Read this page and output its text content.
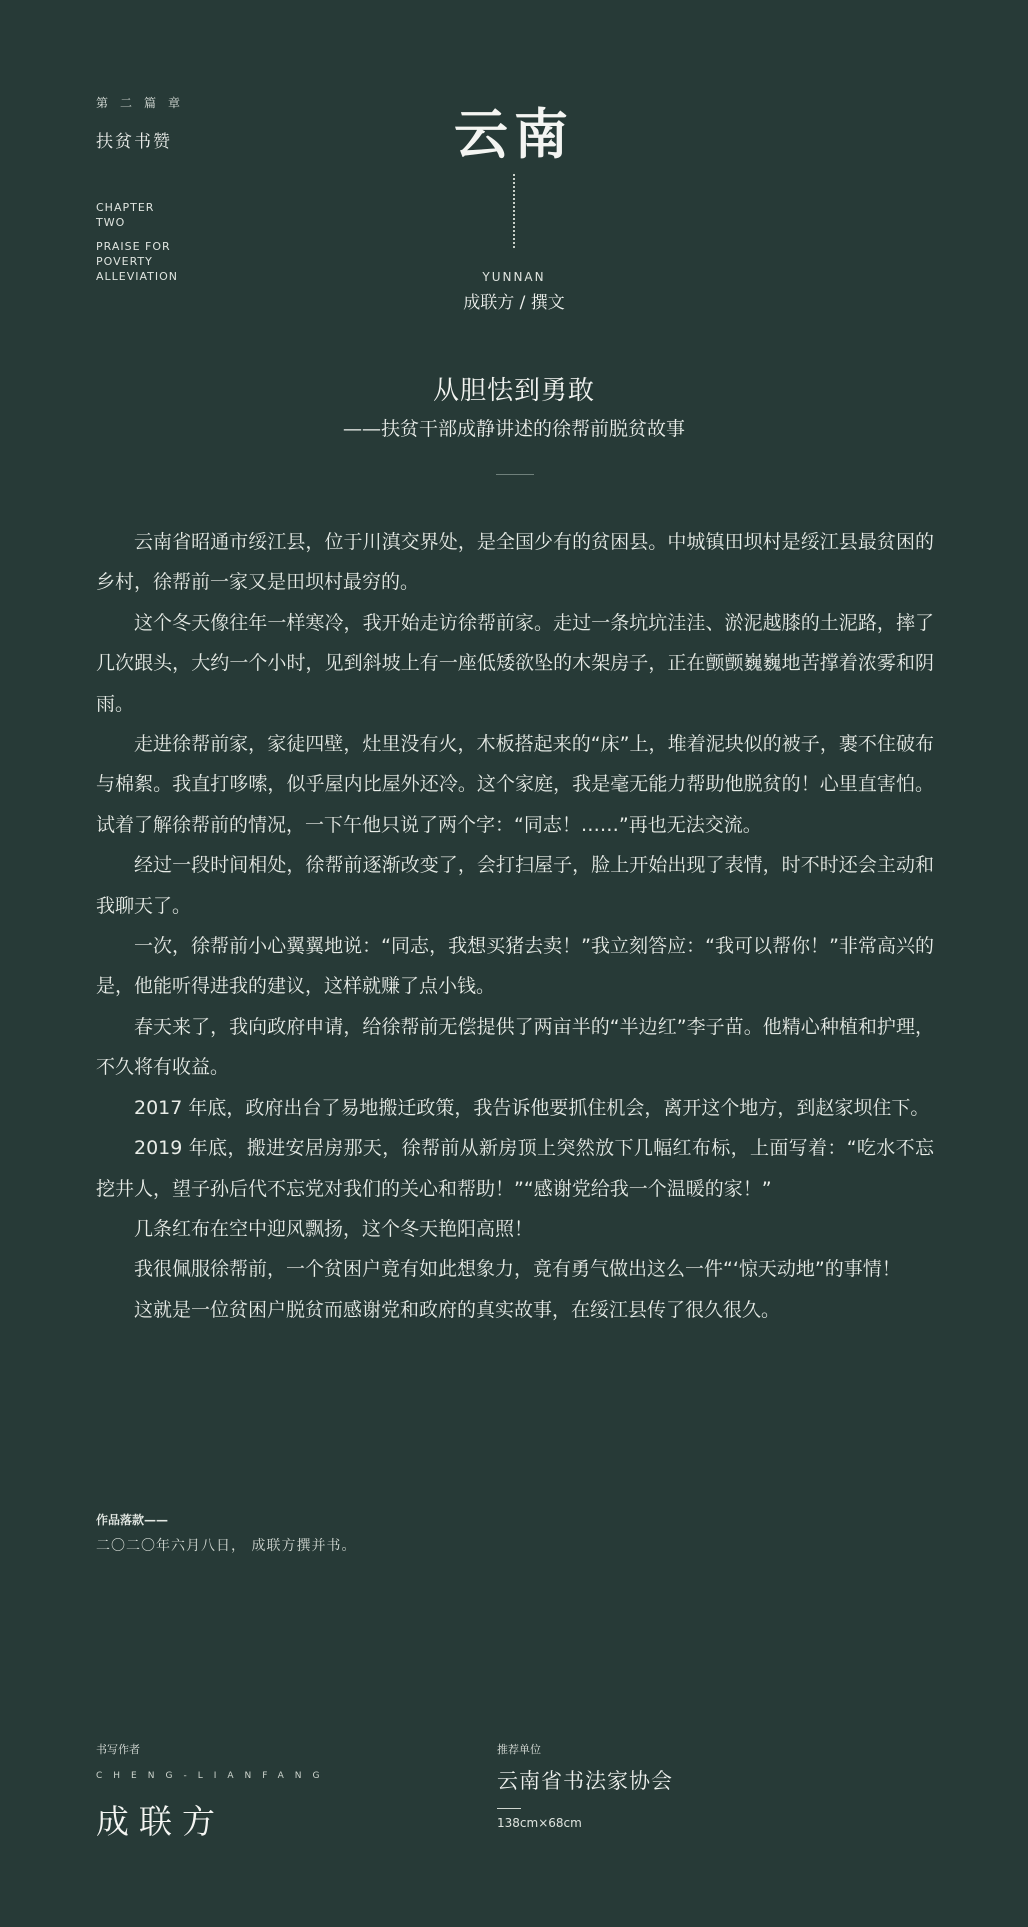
第二篇章
扶贫书赞
CHAPTER
TWO
PRAISE FOR
POVERTY
ALLEVIATION
云南
YUNNAN
成联方 / 撰文
从胆怯到勇敢
——扶贫干部成静讲述的徐帮前脱贫故事

云南省昭通市绥江县，位于川滇交界处，是全国少有的贫困县。中城镇田坝村是绥江县最贫困的乡村，徐帮前一家又是田坝村最穷的。

这个冬天像往年一样寒冷，我开始走访徐帮前家。走过一条坑坑洼洼、淤泥越膝的土泥路，摔了几次跟头，大约一个小时，见到斜坡上有一座低矮欲坠的木架房子，正在颤颤巍巍地苦撑着浓雾和阴雨。

走进徐帮前家，家徒四壁，灶里没有火，木板搭起来的“床”上，堆着泥块似的被子，裹不住破布与棉絮。我直打哆嗦，似乎屋内比屋外还冷。这个家庭，我是毫无能力帮助他脱贫的！心里直害怕。试着了解徐帮前的情况，一下午他只说了两个字：“同志！……”再也无法交流。

经过一段时间相处，徐帮前逐渐改变了，会打扫屋子，脸上开始出现了表情，时不时还会主动和我聊天了。

一次，徐帮前小心翼翼地说：“同志，我想买猪去卖！”我立刻答应：“我可以帮你！”非常高兴的是，他能听得进我的建议，这样就赚了点小钱。

春天来了，我向政府申请，给徐帮前无偿提供了两亩半的“半边红”李子苗。他精心种植和护理，不久将有收益。

2017 年底，政府出台了易地搬迁政策，我告诉他要抓住机会，离开这个地方，到赵家坝住下。

2019 年底，搬进安居房那天，徐帮前从新房顶上突然放下几幅红布标，上面写着：“吃水不忘挖井人，望子孙后代不忘党对我们的关心和帮助！”“感谢党给我一个温暖的家！”

几条红布在空中迎风飘扬，这个冬天艳阳高照！

我很佩服徐帮前，一个贫困户竟有如此想象力，竟有勇气做出这么一件“‘惊天动地”的事情！

这就是一位贫困户脱贫而感谢党和政府的真实故事，在绥江县传了很久很久。

作品落款——
二〇二〇年六月八日， 成联方撰并书。
书写作者
CHENG-LIANFANG
成联方
推荐单位
云南省书法家协会
138cm×68cm
